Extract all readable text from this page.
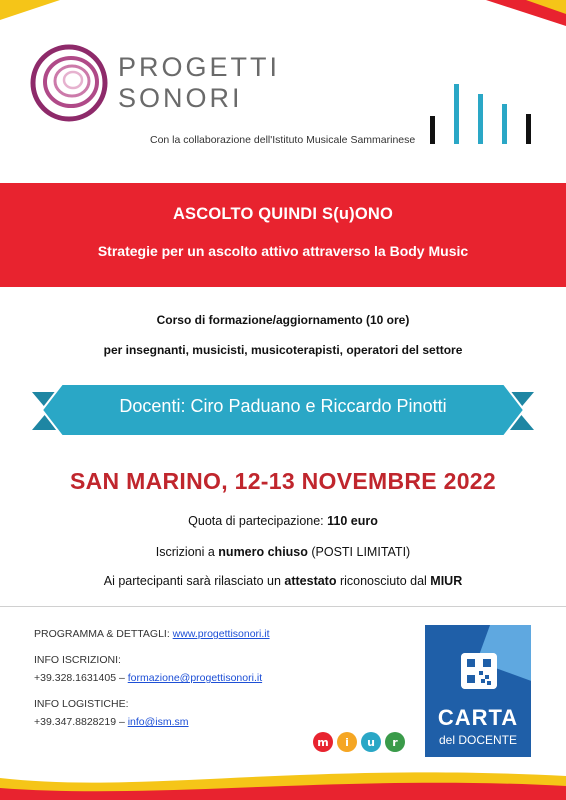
PROGETTI
SONORI
Con la collaborazione dell'Istituto Musicale Sammarinese
ASCOLTO QUINDI S(u)ONO
Strategie per un ascolto attivo attraverso la Body Music
Corso di formazione/aggiornamento (10 ore)
per insegnanti, musicisti, musicoterapisti, operatori del settore
Docenti: Ciro Paduano e Riccardo Pinotti
SAN MARINO, 12-13 NOVEMBRE 2022
Quota di partecipazione: 110 euro
Iscrizioni a numero chiuso (POSTI LIMITATI)
Ai partecipanti sarà rilasciato un attestato riconosciuto dal MIUR
PROGRAMMA & DETTAGLI: www.progettisonori.it
INFO ISCRIZIONI:
+39.328.1631405 – formazione@progettisonori.it
INFO LOGISTICHE:
+39.347.8828219 – info@ism.sm
m i u r
CARTA
del DOCENTE
